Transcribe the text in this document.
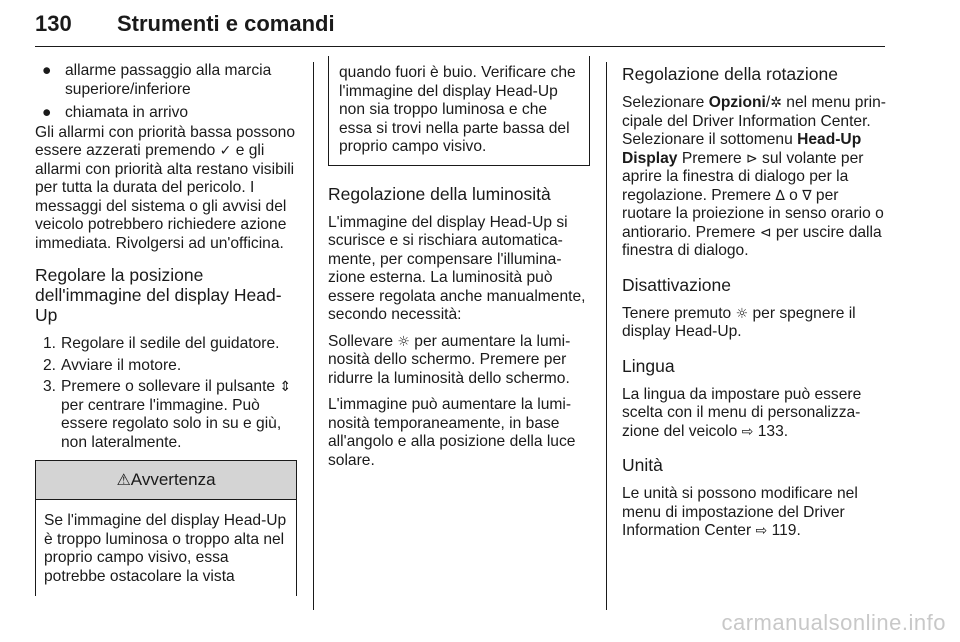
130 Strumenti e comandi
● allarme passaggio alla marcia superiore/inferiore
● chiamata in arrivo

Gli allarmi con priorità bassa possono essere azzerati premendo ✓ e gli allarmi con priorità alta restano visibili per tutta la durata del pericolo. I messaggi del sistema o gli avvisi del veicolo potrebbero richiedere azione immediata. Rivolgersi ad un'officina.

Regolare la posizione dell'immagine del display Head-Up
1. Regolare il sedile del guidatore.
2. Avviare il motore.
3. Premere o sollevare il pulsante ⇕ per centrare l'immagine. Può essere regolato solo in su e giù, non lateralmente.
⚠Avvertenza
Se l'immagine del display Head-Up è troppo luminosa o troppo alta nel proprio campo visivo, essa potrebbe ostacolare la vista
quando fuori è buio. Verificare che l'immagine del display Head-Up non sia troppo luminosa e che essa si trovi nella parte bassa del proprio campo visivo.
Regolazione della luminosità

L'immagine del display Head-Up si scurisce e si rischiara automatica-mente, per compensare l'illumina-zione esterna. La luminosità può essere regolata anche manualmente, secondo necessità:

Sollevare ☼ per aumentare la lumi-nosità dello schermo. Premere per ridurre la luminosità dello schermo.

L'immagine può aumentare la lumi-nosità temporaneamente, in base all'angolo e alla posizione della luce solare.

Regolazione della rotazione

Selezionare Opzioni/✲ nel menu prin-cipale del Driver Information Center. Selezionare il sottomenu Head-Up Display Premere ⊳ sul volante per aprire la finestra di dialogo per la regolazione. Premere ∆ o ∇ per ruotare la proiezione in senso orario o antiorario. Premere ⊲ per uscire dalla finestra di dialogo.

Disattivazione

Tenere premuto ☼ per spegnere il display Head-Up.

Lingua

La lingua da impostare può essere scelta con il menu di personalizza-zione del veicolo ⇨ 133.

Unità

Le unità si possono modificare nel menu di impostazione del Driver Information Center ⇨ 119.

carmanualsonline.info
